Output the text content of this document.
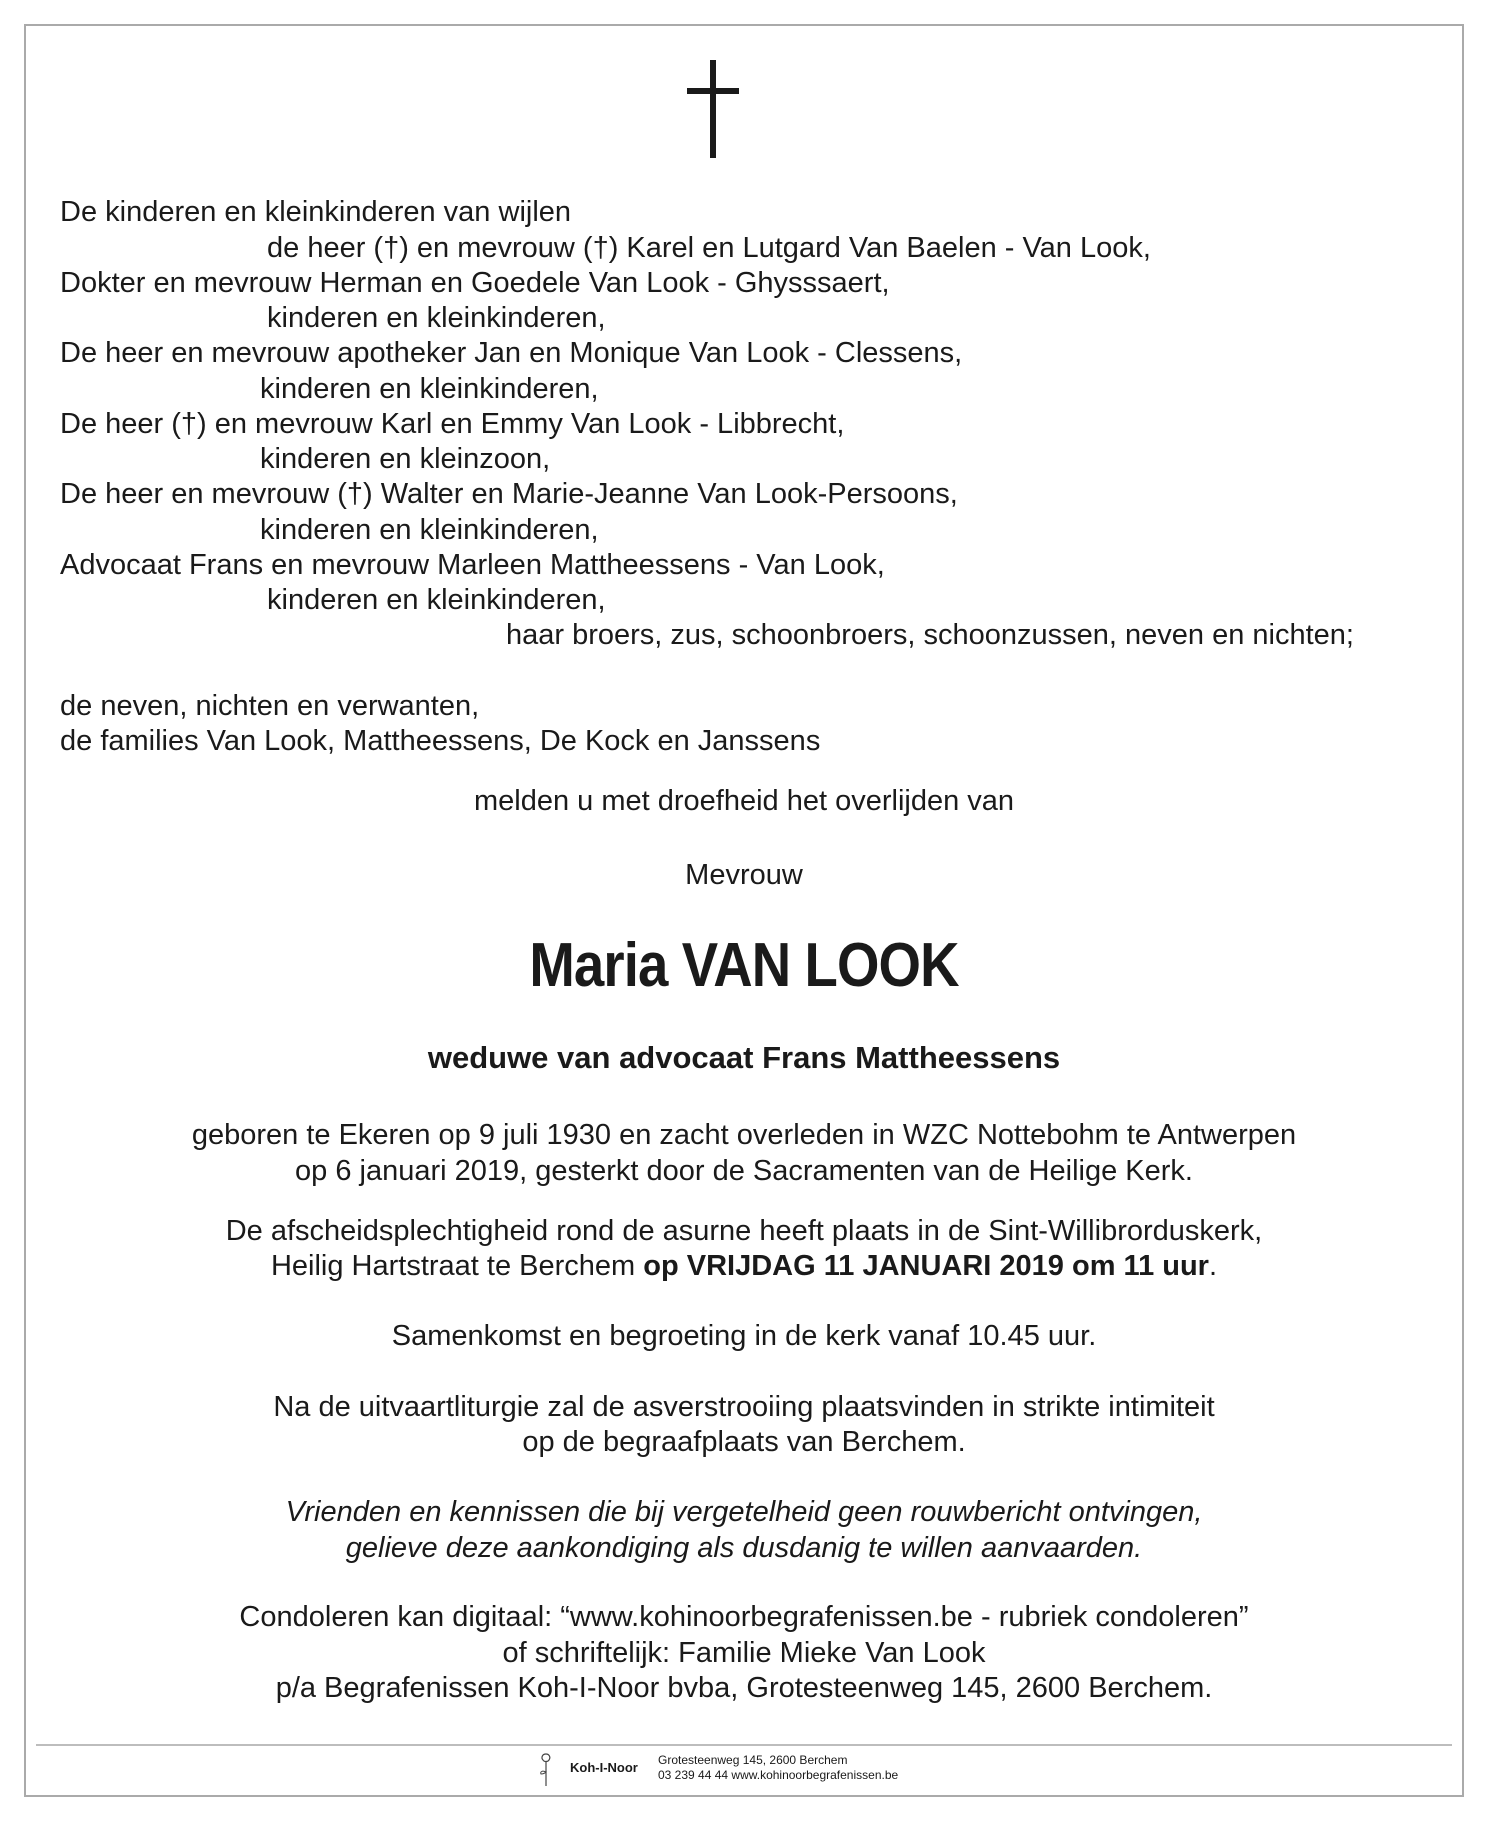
De kinderen en kleinkinderen van wijlen
de heer (†) en mevrouw (†) Karel en Lutgard Van Baelen - Van Look,
Dokter en mevrouw Herman en Goedele Van Look - Ghysssaert,
kinderen en kleinkinderen,
De heer en mevrouw apotheker Jan en Monique Van Look - Clessens,
kinderen en kleinkinderen,
De heer (†) en mevrouw Karl en Emmy Van Look - Libbrecht,
kinderen en kleinzoon,
De heer en mevrouw (†) Walter en Marie-Jeanne Van Look-Persoons,
kinderen en kleinkinderen,
Advocaat Frans en mevrouw Marleen Mattheessens - Van Look,
kinderen en kleinkinderen,
haar broers, zus, schoonbroers, schoonzussen, neven en nichten;
de neven, nichten en verwanten,
de families Van Look, Mattheessens, De Kock en Janssens
melden u met droefheid het overlijden van
Mevrouw
Maria VAN LOOK
weduwe van advocaat Frans Mattheessens
geboren te Ekeren op 9 juli 1930 en zacht overleden in WZC Nottebohm te Antwerpen
op 6 januari 2019, gesterkt door de Sacramenten van de Heilige Kerk.
De afscheidsplechtigheid rond de asurne heeft plaats in de Sint-Willibrorduskerk,
Heilig Hartstraat te Berchem op VRIJDAG 11 JANUARI 2019 om 11 uur.
Samenkomst en begroeting in de kerk vanaf 10.45 uur.
Na de uitvaartliturgie zal de asverstrooiing plaatsvinden in strikte intimiteit
op de begraafplaats van Berchem.
Vrienden en kennissen die bij vergetelheid geen rouwbericht ontvingen,
gelieve deze aankondiging als dusdanig te willen aanvaarden.
Condoleren kan digitaal: “www.kohinoorbegrafenissen.be - rubriek condoleren”
of schriftelijk: Familie Mieke Van Look
p/a Begrafenissen Koh-I-Noor bvba, Grotesteenweg 145, 2600 Berchem.
Koh-I-Noor Grotesteenweg 145, 2600 Berchem
03 239 44 44 www.kohinoorbegrafenissen.be
